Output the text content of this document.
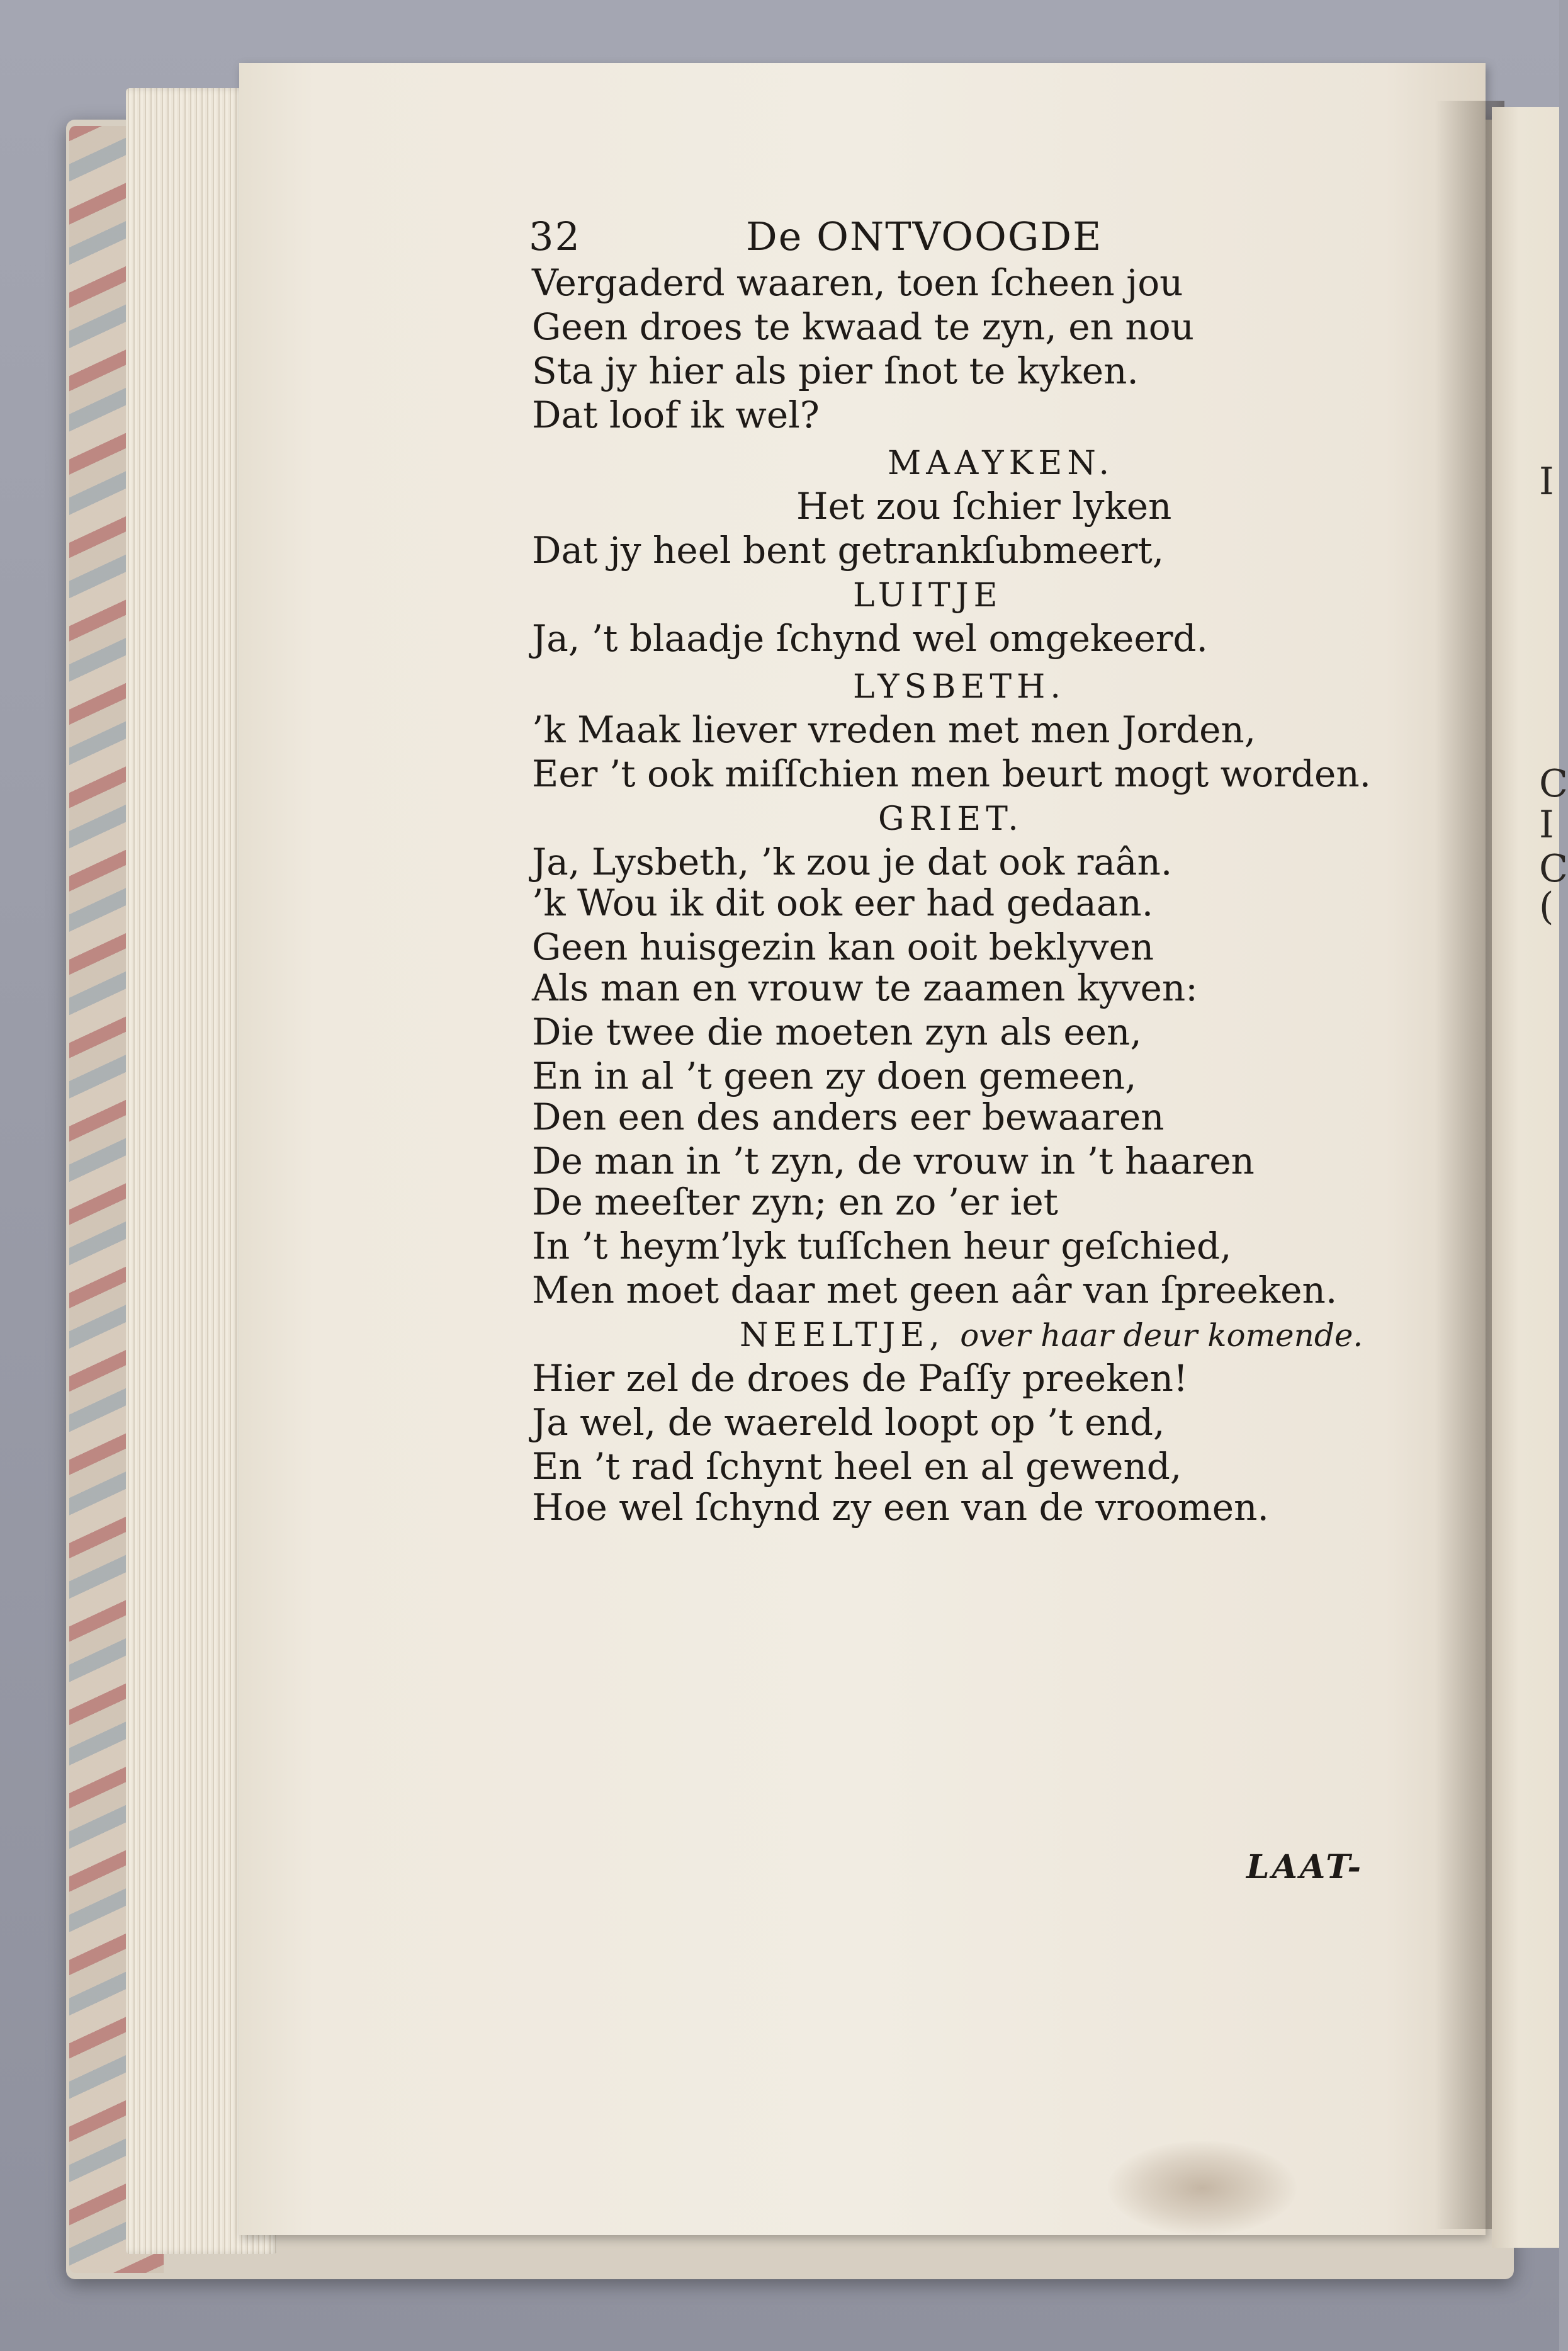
I
C
I
C
(
32	De ONTVOOGDE
Vergaderd waaren, toen ſcheen jou
Geen droes te kwaad te zyn, en nou
Sta jy hier als pier ſnot te kyken.
Dat loof ik wel?
MAAYKEN.
Het zou ſchier lyken
Dat jy heel bent getrankſubmeert,
LUITJE
Ja, ’t blaadje ſchynd wel omgekeerd.
LYSBETH.
’k Maak liever vreden met men Jorden,
Eer ’t ook miſſchien men beurt mogt worden.
GRIET.
Ja, Lysbeth, ’k zou je dat ook raân.
’k Wou ik dit ook eer had gedaan.
Geen huisgezin kan ooit beklyven
Als man en vrouw te zaamen kyven:
Die twee die moeten zyn als een,
En in al ’t geen zy doen gemeen,
Den een des anders eer bewaaren
De man in ’t zyn, de vrouw in ’t haaren
De meeſter zyn; en zo ’er iet
In ’t heym’lyk tuſſchen heur geſchied,
Men moet daar met geen aâr van ſpreeken.
NEELTJE, over haar deur komende.
Hier zel de droes de Paſſy preeken!
Ja wel, de waereld loopt op ’t end,
En ’t rad ſchynt heel en al gewend,
Hoe wel ſchynd zy een van de vroomen.
LAAT-
